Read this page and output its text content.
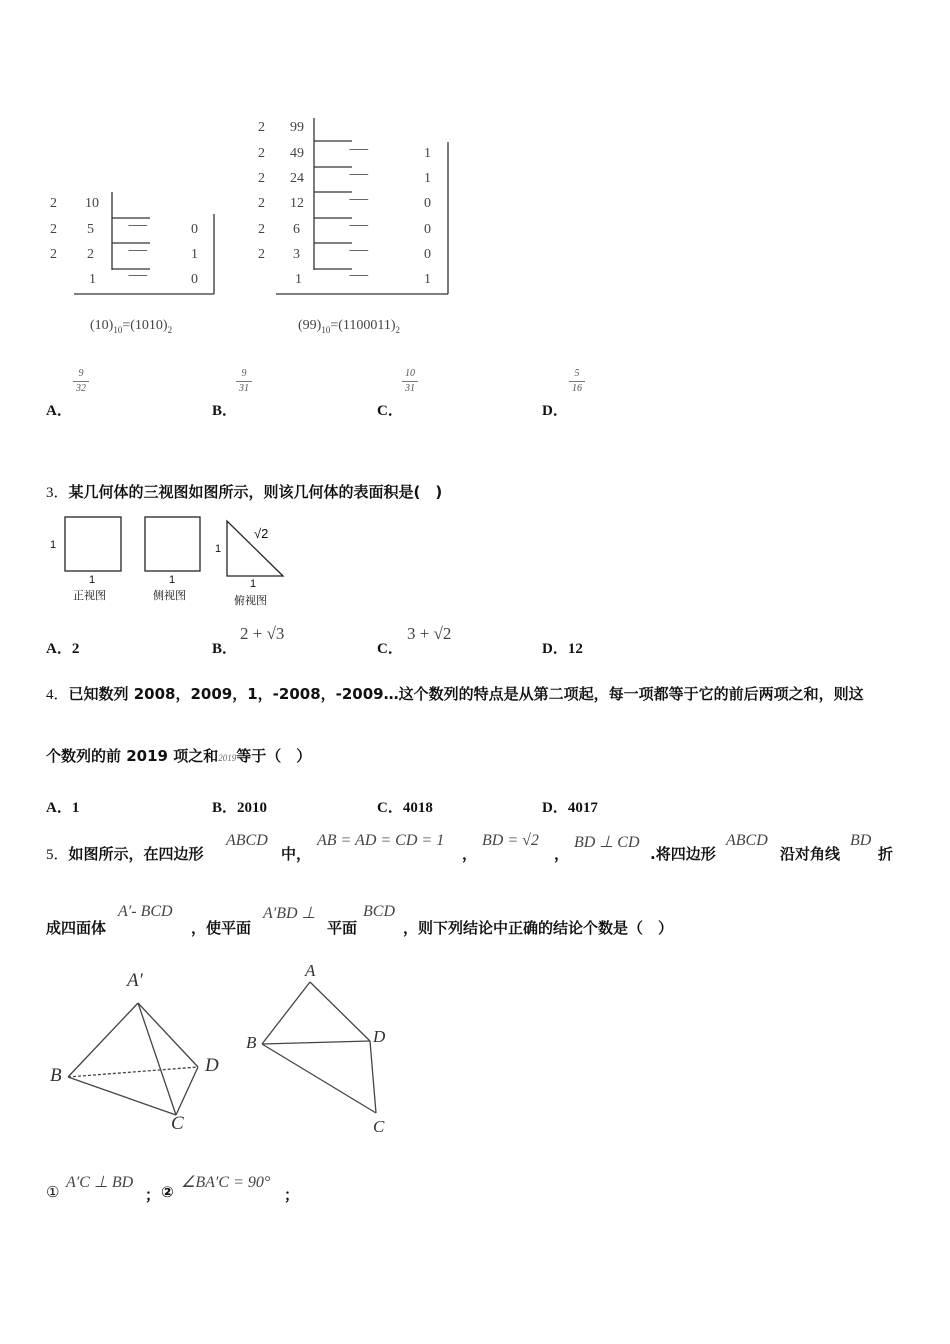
2 10
2 5	--------	0
2 2	--------	1
1	--------	0
$(10)_{10}=(1010)_2$
2 99
2 49	--------	1
2 24	--------	1
2 12	--------	0
2 6	--------	0
2 3	--------	0
1	--------	1
$(99)_{10}=(1100011)_2$
9
32
A．
9
31
B．
10
31
C．
5
16
D．
3．某几何体的三视图如图所示，则该几何体的表面积是(　)
1
1
正视图
1
侧视图
1
√2
1
俯视图
A．2	B．
2 + √3
C．
3 + √2
D．12
4．已知数列 2008，2009，1，-2008，-2009…这个数列的特点是从第二项起，每一项都等于它的前后两项之和，则这
个数列的前 2019 项之和2019等于（　）
A．1	B．2010	C．4018	D．4017
5．如图所示，在四边形
ABCD
中，
AB = AD = CD = 1
，
BD = √2
，
BD ⊥ CD
.将四边形
ABCD
沿对角线
BD
折
成四面体
A′- BCD
，使平面
A′BD ⊥
平面
BCD
，则下列结论中正确的结论个数是（　）
A′
B
C
D
A
B
C
D
①
A′C ⊥ BD
； ②
∠BA′C = 90°
；
